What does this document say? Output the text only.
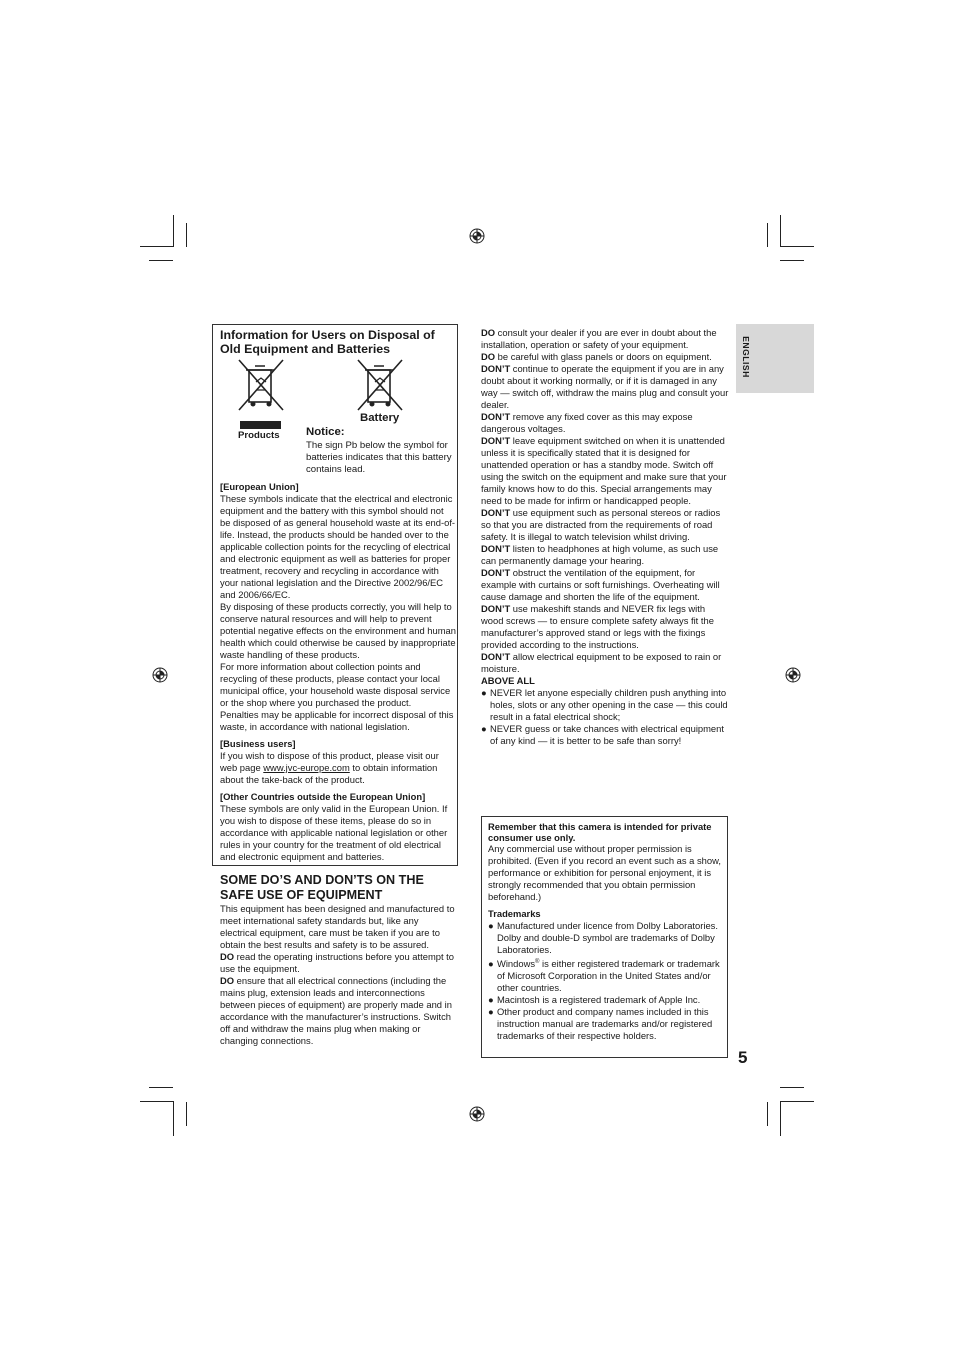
Information for Users on Disposal of Old Equipment and Batteries
Products
Battery
Notice:

The sign Pb below the symbol for batteries indicates that this battery contains lead.

[European Union]

These symbols indicate that the electrical and electronic equipment and the battery with this symbol should not be disposed of as general household waste at its end-of-life. Instead, the products should be handed over to the applicable collection points for the recycling of electrical and electronic equipment as well as batteries for proper treatment, recovery and recycling in accordance with your national legislation and the Directive 2002/96/EC and 2006/66/EC.

By disposing of these products correctly, you will help to conserve natural resources and will help to prevent potential negative effects on the environment and human health which could otherwise be caused by inappropriate waste handling of these products.

For more information about collection points and recycling of these products, please contact your local municipal office, your household waste disposal service or the shop where you purchased the product.

Penalties may be applicable for incorrect disposal of this waste, in accordance with national legislation.

[Business users]

If you wish to dispose of this product, please visit our web page www.jvc-europe.com to obtain information about the take-back of the product.

[Other Countries outside the European Union]

These symbols are only valid in the European Union. If you wish to dispose of these items, please do so in accordance with applicable national legislation or other rules in your country for the treatment of old electrical and electronic equipment and batteries.

SOME DO’S AND DON’TS ON THE SAFE USE OF EQUIPMENT

This equipment has been designed and manufactured to meet international safety standards but, like any electrical equipment, care must be taken if you are to obtain the best results and safety is to be assured.

DO read the operating instructions before you attempt to use the equipment.

DO ensure that all electrical connections (including the mains plug, extension leads and interconnections between pieces of equipment) are properly made and in accordance with the manufacturer’s instructions. Switch off and withdraw the mains plug when making or changing connections.

DO consult your dealer if you are ever in doubt about the installation, operation or safety of your equipment.

DO be careful with glass panels or doors on equipment.

DON’T continue to operate the equipment if you are in any doubt about it working normally, or if it is damaged in any way — switch off, withdraw the mains plug and consult your dealer.

DON’T remove any fixed cover as this may expose dangerous voltages.

DON’T leave equipment switched on when it is unattended unless it is specifically stated that it is designed for unattended operation or has a standby mode. Switch off using the switch on the equipment and make sure that your family knows how to do this. Special arrangements may need to be made for infirm or handicapped people.

DON’T use equipment such as personal stereos or radios so that you are distracted from the requirements of road safety. It is illegal to watch television whilst driving.

DON’T listen to headphones at high volume, as such use can permanently damage your hearing.

DON’T obstruct the ventilation of the equipment, for example with curtains or soft furnishings. Overheating will cause damage and shorten the life of the equipment.

DON’T use makeshift stands and NEVER fix legs with wood screws — to ensure complete safety always fit the manufacturer’s approved stand or legs with the fixings provided according to the instructions.

DON’T allow electrical equipment to be exposed to rain or moisture.

ABOVE ALL

● NEVER let anyone especially children push anything into holes, slots or any other opening in the case — this could result in a fatal electrical shock;

● NEVER guess or take chances with electrical equipment of any kind — it is better to be safe than sorry!

Remember that this camera is intended for private consumer use only.

Any commercial use without proper permission is prohibited. (Even if you record an event such as a show, performance or exhibition for personal enjoyment, it is strongly recommended that you obtain permission beforehand.)

Trademarks

● Manufactured under licence from Dolby Laboratories. Dolby and double-D symbol are trademarks of Dolby Laboratories.

● Windows® is either registered trademark or trademark of Microsoft Corporation in the United States and/or other countries.

● Macintosh is a registered trademark of Apple Inc.

● Other product and company names included in this instruction manual are trademarks and/or registered trademarks of their respective holders.

ENGLISH
5
